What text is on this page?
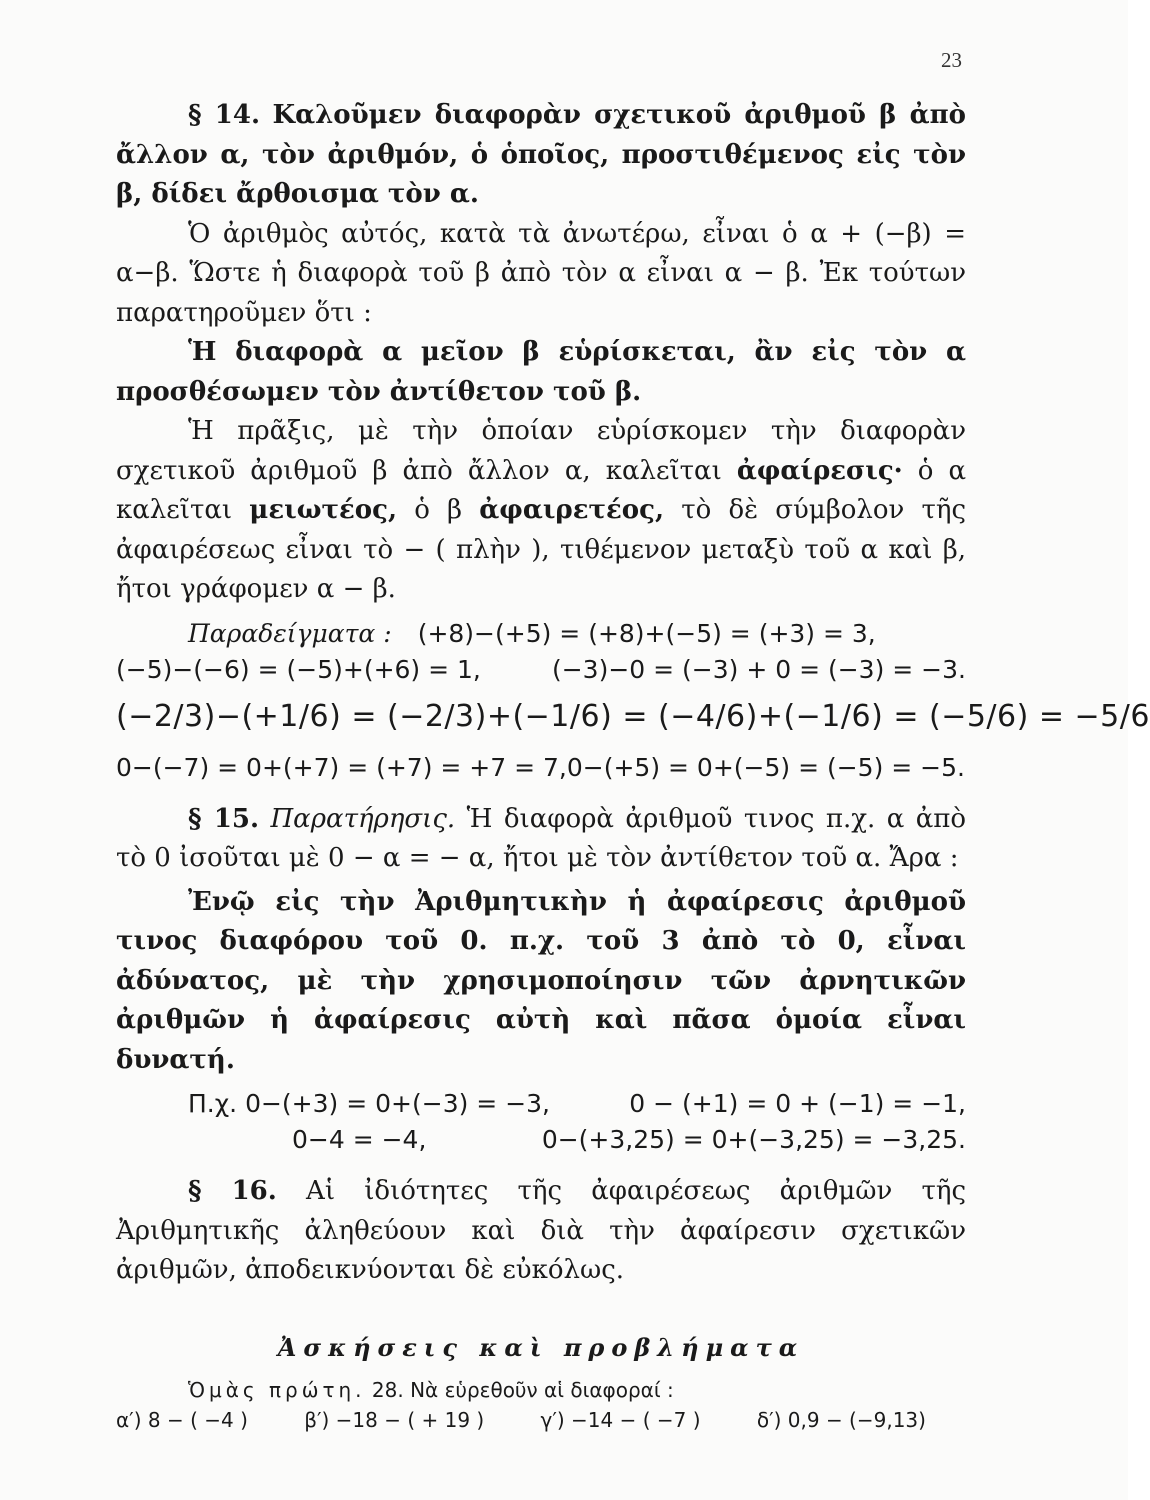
23

§ 14. Καλοῦμεν διαφορὰν σχετικοῦ ἀριθμοῦ β ἀπὸ ἄλλον α, τὸν ἀριθμόν, ὁ ὁποῖος, προστιθέμενος εἰς τὸν β, δίδει ἄρθοισμα τὸν α.

Ὁ ἀριθμὸς αὐτός, κατὰ τὰ ἀνωτέρω, εἶναι ὁ α + (−β) = α−β. Ὥστε ἡ διαφορὰ τοῦ β ἀπὸ τὸν α εἶναι α − β. Ἐκ τούτων παρατηροῦμεν ὅτι :

Ἡ διαφορὰ α μεῖον β εὑρίσκεται, ἂν εἰς τὸν α προσθέσωμεν τὸν ἀντίθετον τοῦ β.

Ἡ πρᾶξις, μὲ τὴν ὁποίαν εὑρίσκομεν τὴν διαφορὰν σχετικοῦ ἀριθμοῦ β ἀπὸ ἄλλον α, καλεῖται ἀφαίρεσις· ὁ α καλεῖται μειωτέος, ὁ β ἀφαιρετέος, τὸ δὲ σύμβολον τῆς ἀφαιρέσεως εἶναι τὸ − ( πλὴν ), τιθέμενον μεταξὺ τοῦ α καὶ β, ἤτοι γράφομεν α − β.

Παραδείγματα : (+8)−(+5) = (+8)+(−5) = (+3) = 3,
(−5)−(−6) = (−5)+(+6) = 1,	(−3)−0 = (−3) + 0 = (−3) = −3.
(−2/3)−(+1/6) = (−2/3)+(−1/6) = (−4/6)+(−1/6) = (−5/6) = −5/6
0−(−7) = 0+(+7) = (+7) = +7 = 7,0−(+5) = 0+(−5) = (−5) = −5.

§ 15. Παρατήρησις. Ἡ διαφορὰ ἀριθμοῦ τινος π.χ. α ἀπὸ τὸ 0 ἰσοῦται μὲ 0 − α = − α, ἤτοι μὲ τὸν ἀντίθετον τοῦ α. Ἄρα :

Ἐνῷ εἰς τὴν Ἀριθμητικὴν ἡ ἀφαίρεσις ἀριθμοῦ τινος διαφόρου τοῦ 0. π.χ. τοῦ 3 ἀπὸ τὸ 0, εἶναι ἀδύνατος, μὲ τὴν χρησιμοποίησιν τῶν ἀρνητικῶν ἀριθμῶν ἡ ἀφαίρεσις αὐτὴ καὶ πᾶσα ὁμοία εἶναι δυνατή.

Π.χ. 0−(+3) = 0+(−3) = −3,	0 − (+1) = 0 + (−1) = −1,
0−4 = −4,	0−(+3,25) = 0+(−3,25) = −3,25.

§ 16. Αἱ ἰδιότητες τῆς ἀφαιρέσεως ἀριθμῶν τῆς Ἀριθμητικῆς ἀληθεύουν καὶ διὰ τὴν ἀφαίρεσιν σχετικῶν ἀριθμῶν, ἀποδεικνύονται δὲ εὐκόλως.

Ἀσκήσεις καὶ προβλήματα

Ὁμὰς πρώτη. 28. Νὰ εὑρεθοῦν αἱ διαφοραί :

α′) 8 − ( −4 )	β′) −18 − ( + 19 )	γ′) −14 − ( −7 )	δ′) 0,9 − (−9,13)
